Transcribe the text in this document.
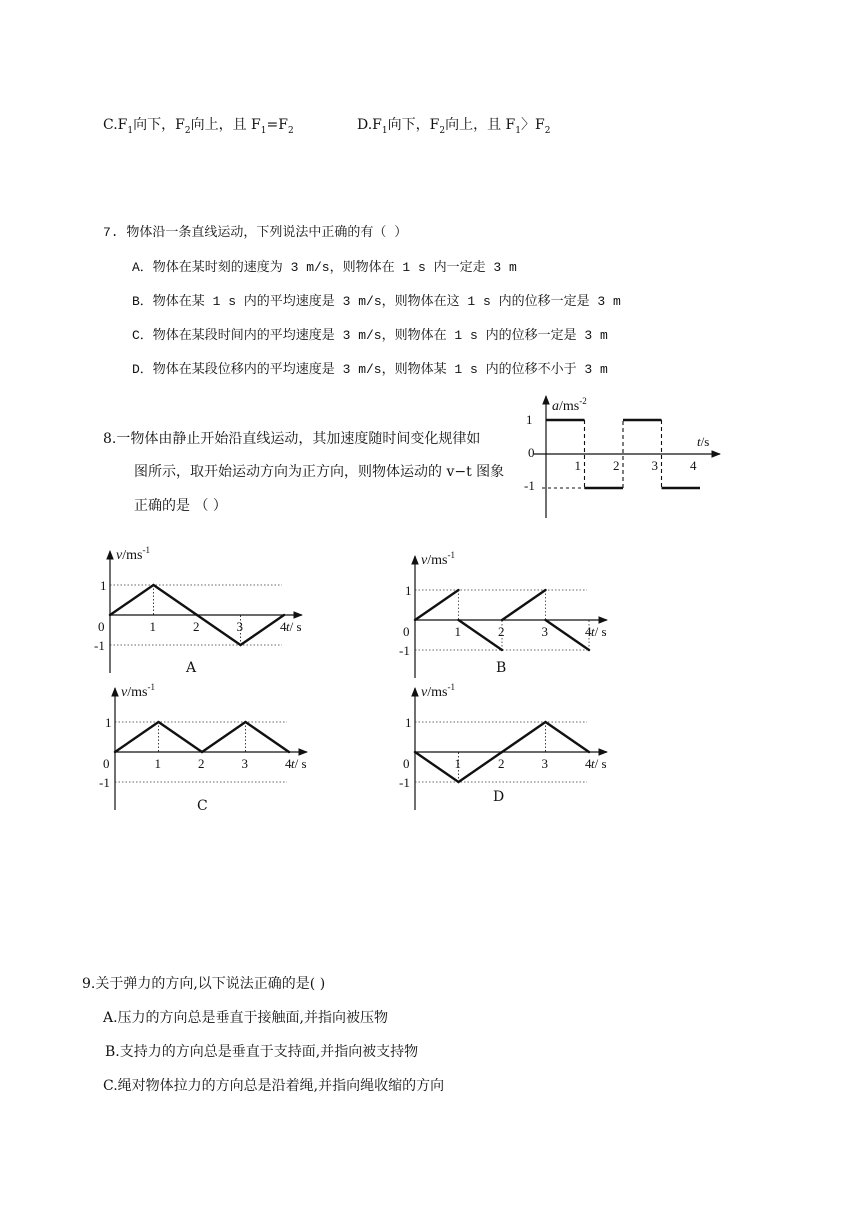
$C.F_1$向下，$F_2$向上，且 $F_1=F_2$	$D.F_1$向下，$F_2$向上，且 $F_1$〉$F_2$
7. 物体沿一条直线运动，下列说法中正确的有（ ）
A．物体在某时刻的速度为 3 m/s，则物体在 1 s 内一定走 3 m
B．物体在某 1 s 内的平均速度是 3 m/s，则物体在这 1 s 内的位移一定是 3 m
C．物体在某段时间内的平均速度是 3 m/s，则物体在 1 s 内的位移一定是 3 m
D．物体在某段位移内的平均速度是 3 m/s，则物体某 1 s 内的位移不小于 3 m
8.一物体由静止开始沿直线运动，其加速度随时间变化规律如
图所示，取开始运动方向为正方向，则物体运动的 v−t 图象
正确的是 （ ）
$a/ms^{-2}$
t/s
1
0
-1
1 2 3 4
$v/ms^{-1}$
t/ s
1
0
-1
1	2	3	4
$v/ms^{-1}$
t/ s
1
0
-1
1	2	3	4
$v/ms^{-1}$
t/ s
1
0
-1
1	2	3	4
$v/ms^{-1}$
t/ s
1
0
-1
1	2	3	4
A	B
C
D
9.关于弹力的方向,以下说法正确的是( )
A.压力的方向总是垂直于接触面,并指向被压物
B.支持力的方向总是垂直于支持面,并指向被支持物
C.绳对物体拉力的方向总是沿着绳,并指向绳收缩的方向
